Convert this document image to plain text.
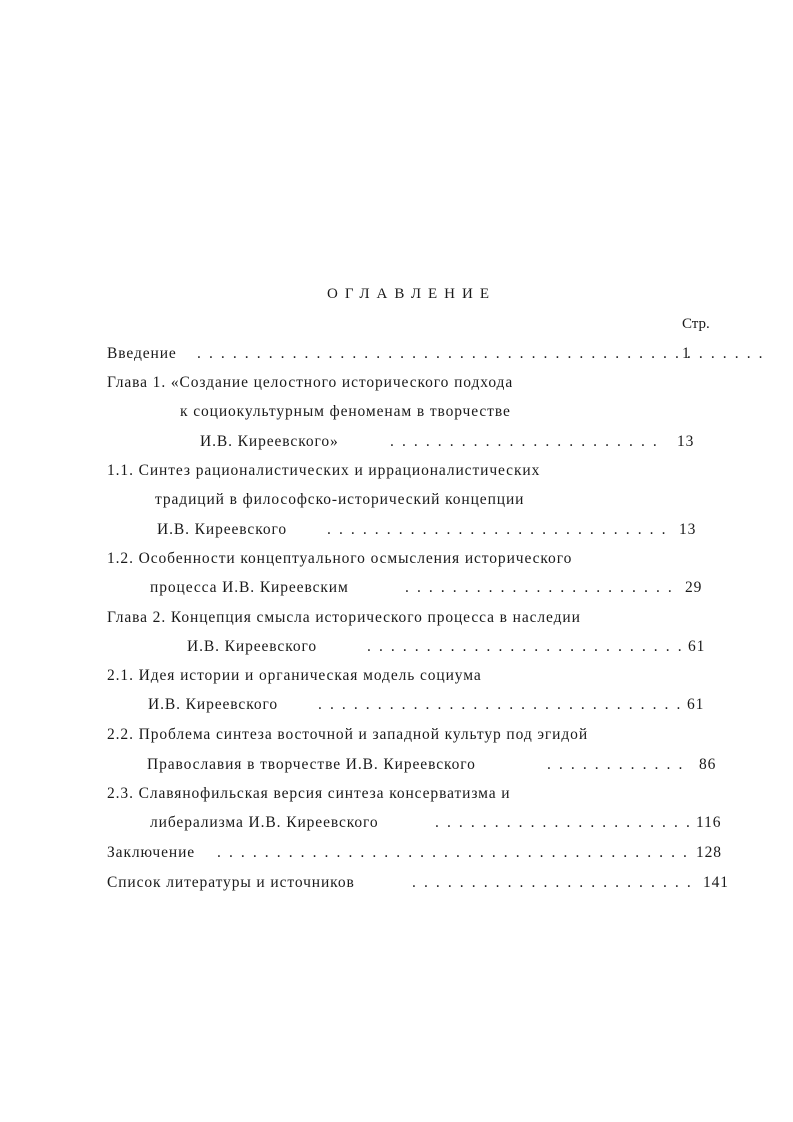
ОГЛАВЛЕНИЕ
Стр.
Введение . . .	1
Глава 1. «Создание целостного исторического подхода
к социокультурным феноменам в творчестве
И.В. Киреевского» . . .	13
1.1. Синтез рационалистических и иррационалистических
традиций в философско-исторический концепции
И.В. Киреевского . . .	13
1.2. Особенности концептуального осмысления исторического
процесса И.В. Киреевским . . .	29
Глава 2. Концепция смысла исторического процесса в наследии
И.В. Киреевского . . .	61
2.1. Идея истории и органическая модель социума
И.В. Киреевского . . .	61
2.2. Проблема синтеза восточной и западной культур под эгидой
Православия в творчестве И.В. Киреевского . . .	86
2.3. Славянофильская версия синтеза консерватизма и
либерализма И.В. Киреевского . . .	116
Заключение . . .	128
Список литературы и источников . . .	141
